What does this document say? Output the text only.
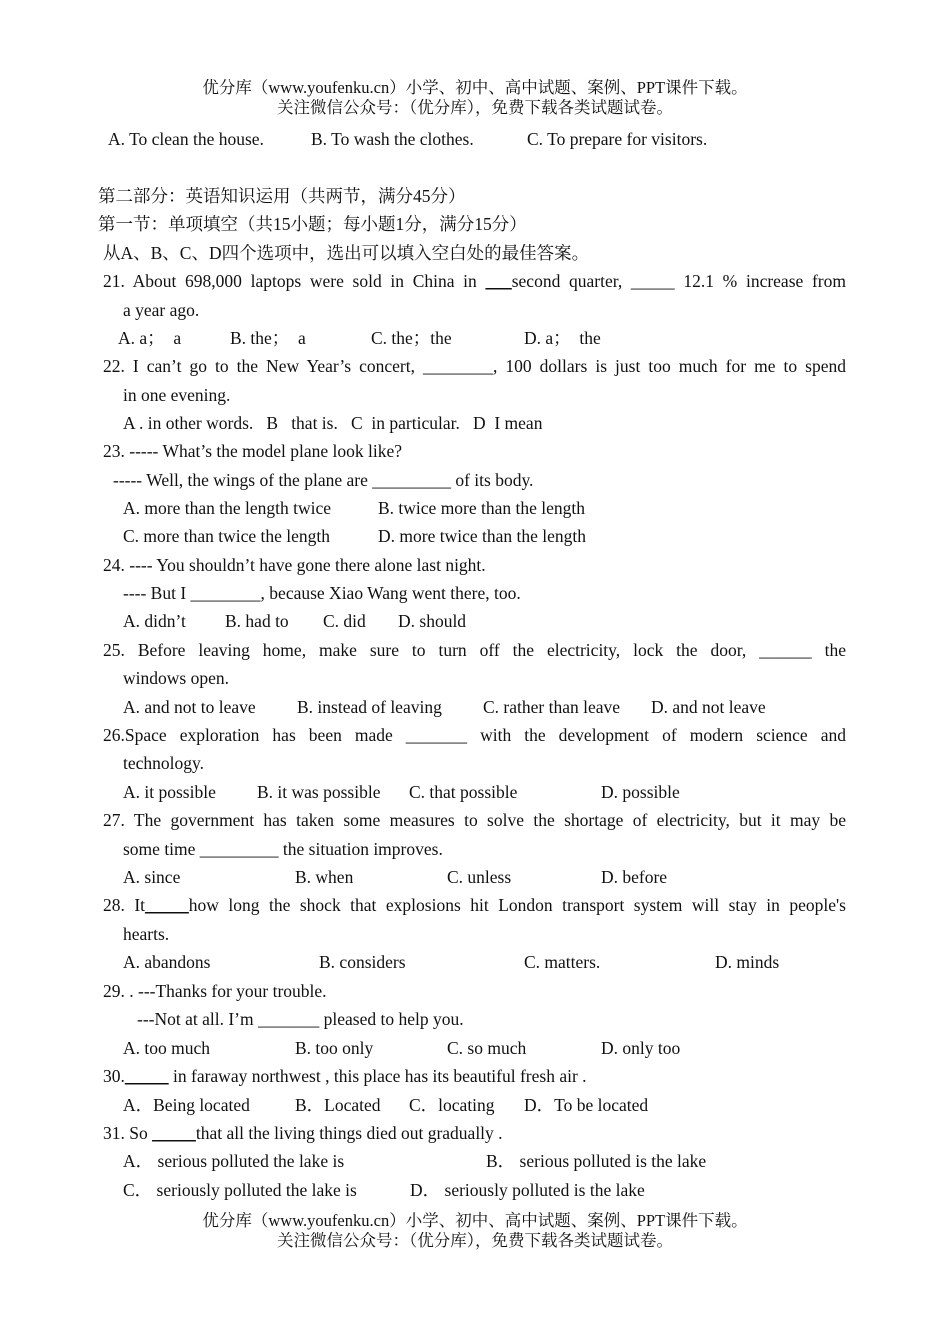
优分库（www.youfenku.cn）小学、初中、高中试题、案例、PPT课件下载。
关注微信公众号：（优分库），免费下载各类试题试卷。
A. To clean the house.	B. To wash the clothes.	C. To prepare for visitors.
第二部分：英语知识运用（共两节，满分45分）
第一节：单项填空（共15小题；每小题1分，满分15分）
从A、B、C、D四个选项中，选出可以填入空白处的最佳答案。
21. About 698,000 laptops were sold in China in ___second quarter, _____ 12.1 % increase from
a year ago.
A. a；  a	B. the；  a	C. the；the	D. a；  the
22. I can’t go to the New Year’s concert, ________, 100 dollars is just too much for me to spend
in one evening.
A . in other words.   B   that is.   C  in particular.   D  I mean
23. ----- What’s the model plane look like?
----- Well, the wings of the plane are _________ of its body.
A. more than the length twice	B. twice more than the length
C. more than twice the length	D. more twice than the length
24. ---- You shouldn’t have gone there alone last night.
---- But I ________, because Xiao Wang went there, too.
A. didn’t B. had to C. did D. should
25. Before leaving home, make sure to turn off the electricity, lock the door, ______ the
windows open.
A. and not to leave B. instead of leaving C. rather than leave D. and not leave
26.Space exploration has been made _______ with the development of modern science and
technology.
A. it possible B. it was possible C. that possible	D. possible
27. The government has taken some measures to solve the shortage of electricity, but it may be
some time _________ the situation improves.
A. since	B. when	C. unless	D. before
28. It_____how long the shock that explosions hit London transport system will stay in people's
hearts.
A. abandons	B. considers	C. matters.	D. minds
29. . ---Thanks for your trouble.
---Not at all. I’m _______ pleased to help you.
A. too much	B. too only	C. so much	D. only too
30._____ in faraway northwest , this place has its beautiful fresh air .
A．Being located	B．Located C．locating D．To be located
31. So _____that all the living things died out gradually .
A． serious polluted the lake is	B． serious polluted is the lake
C． seriously polluted the lake is	D． seriously polluted is the lake
优分库（www.youfenku.cn）小学、初中、高中试题、案例、PPT课件下载。
关注微信公众号：（优分库），免费下载各类试题试卷。
